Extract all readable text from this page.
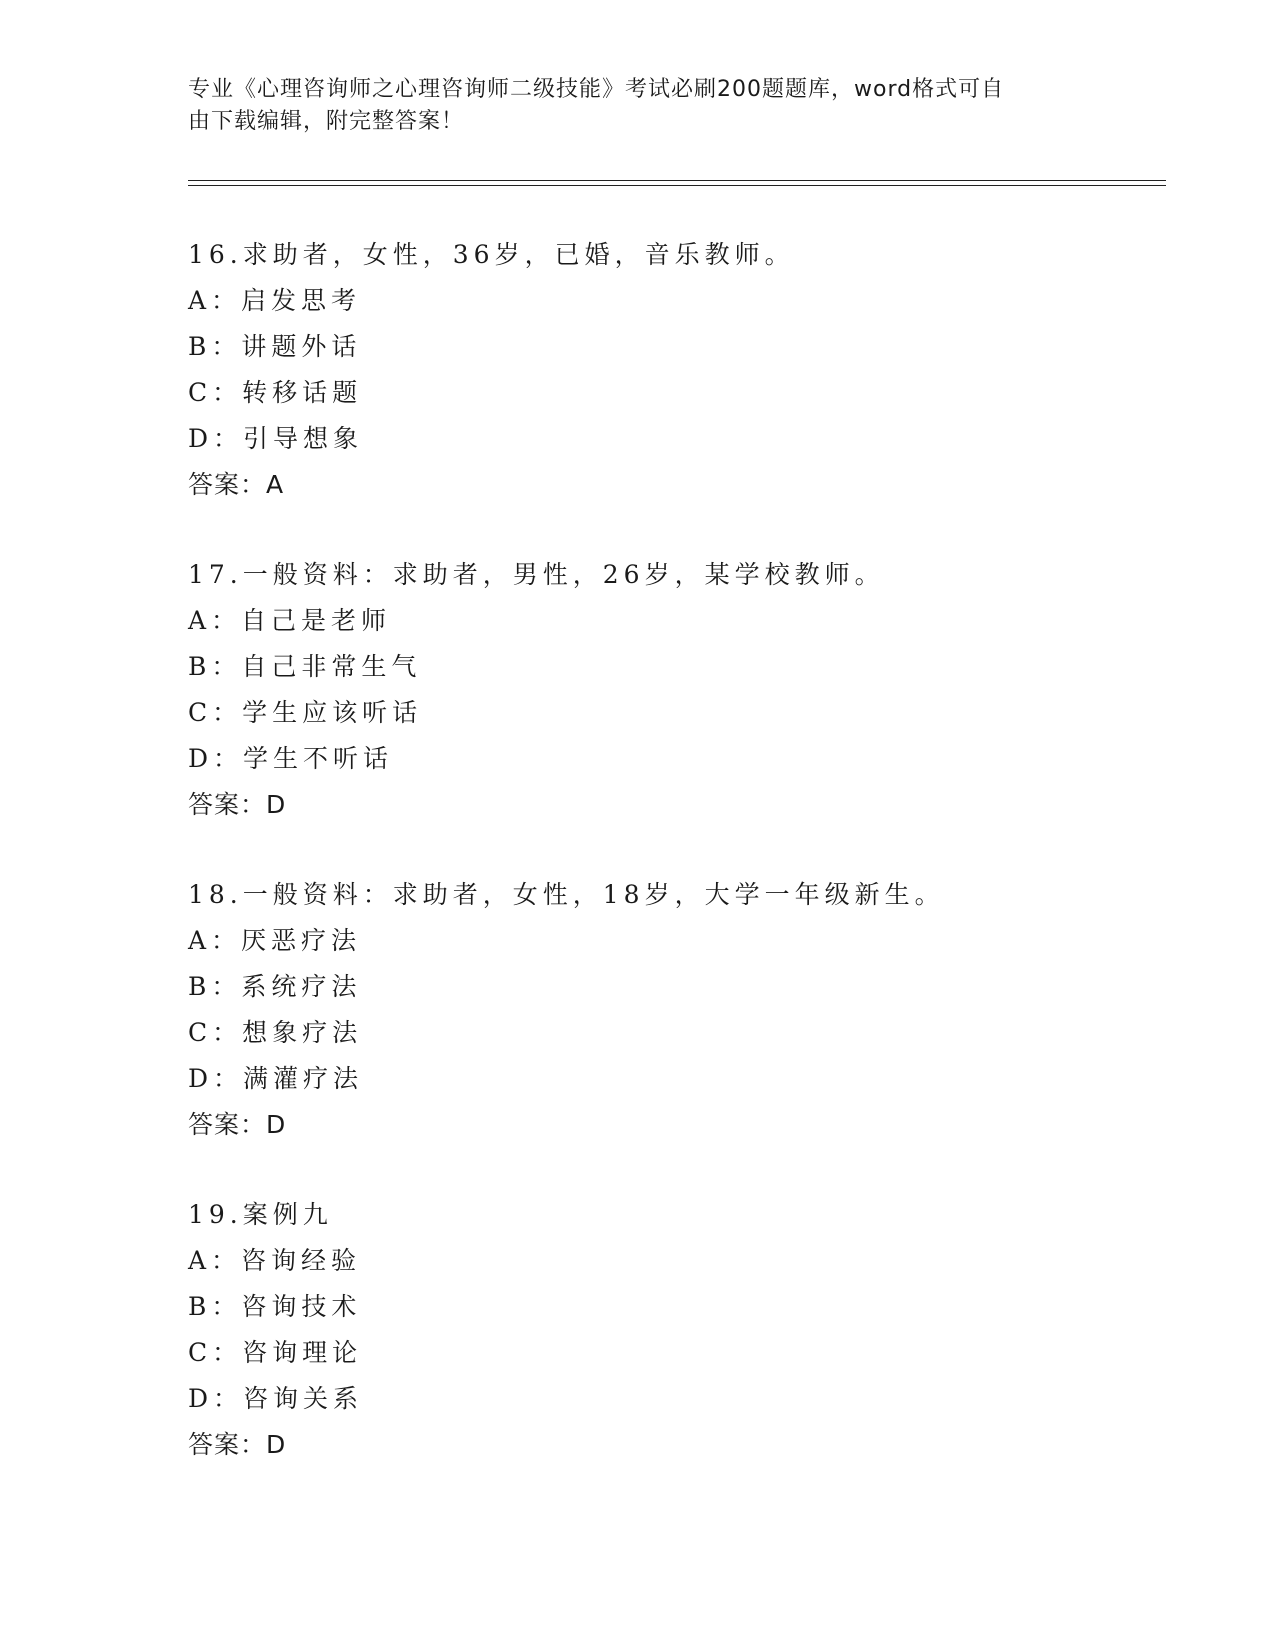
专业《心理咨询师之心理咨询师二级技能》考试必刷200题题库，word格式可自
由下载编辑，附完整答案！
16.求助者，女性，36岁，已婚，音乐教师。
A：启发思考
B：讲题外话
C：转移话题
D：引导想象
答案：A
17.一般资料：求助者，男性，26岁，某学校教师。
A：自己是老师
B：自己非常生气
C：学生应该听话
D：学生不听话
答案：D
18.一般资料：求助者，女性，18岁，大学一年级新生。
A：厌恶疗法
B：系统疗法
C：想象疗法
D：满灌疗法
答案：D
19.案例九
A：咨询经验
B：咨询技术
C：咨询理论
D：咨询关系
答案：D
